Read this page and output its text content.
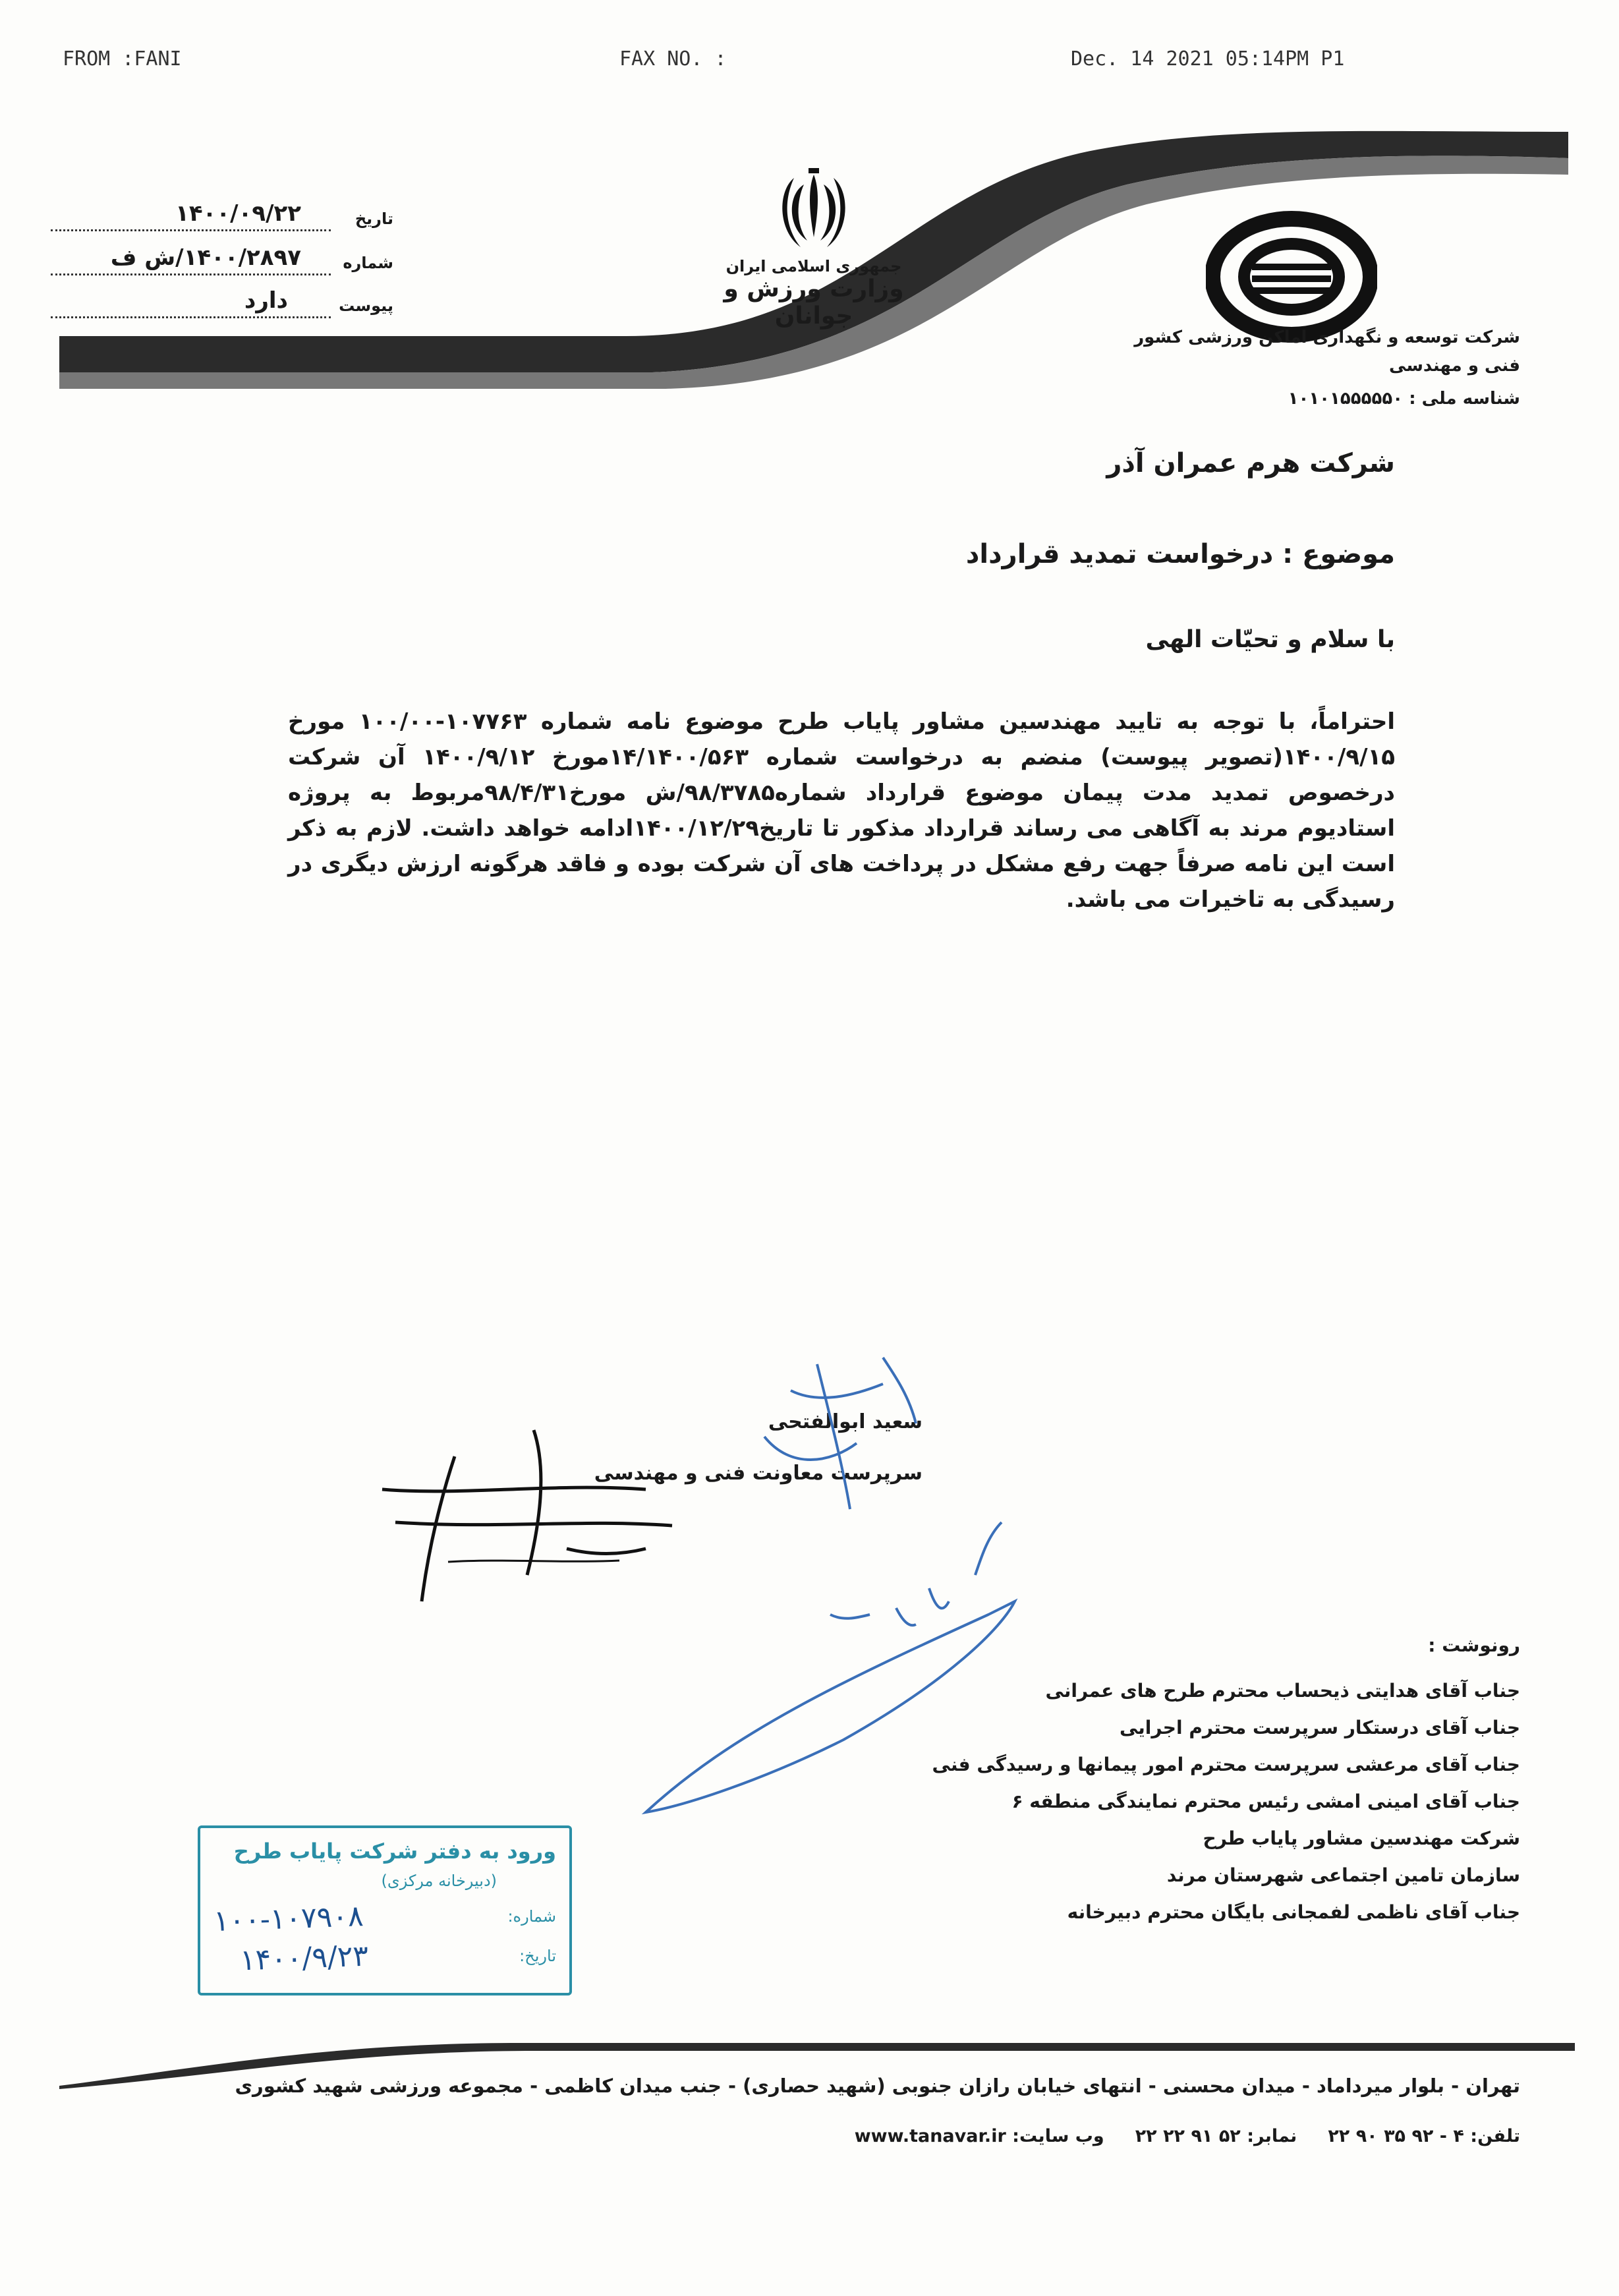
FROM :FANI	FAX NO. :	Dec. 14 2021 05:14PM P1
جمهوری اسلامی ایران
وزارت ورزش و جوانان
شرکت توسعه و نگهداری اماکن ورزشی کشور
فنی و مهندسی
شناسه ملی : ۱۰۱۰۱۵۵۵۵۵۰
تاریخ
۱۴۰۰/۰۹/۲۲
شماره
۱۴۰۰/۲۸۹۷/ش ف
پیوست
دارد
شرکت هرم عمران آذر
موضوع : درخواست تمدید قرارداد
با سلام و تحیّات الهی
احتراماً، با توجه به تایید مهندسین مشاور پایاب طرح موضوع نامه شماره ۱۰۷۷۶۳-۱۰۰/۰۰ مورخ ۱۴۰۰/۹/۱۵(تصویر پیوست) منضم به درخواست شماره ۱۴/۱۴۰۰/۵۶۳مورخ ۱۴۰۰/۹/۱۲ آن شرکت درخصوص تمدید مدت پیمان موضوع قرارداد شماره۹۸/۳۷۸۵/ش مورخ۹۸/۴/۳۱مربوط به پروژه استادیوم مرند به آگاهی می رساند قرارداد مذکور تا تاریخ۱۴۰۰/۱۲/۲۹ادامه خواهد داشت. لازم به ذکر است این نامه صرفاً جهت رفع مشکل در پرداخت های آن شرکت بوده و فاقد هرگونه ارزش دیگری در رسیدگی به تاخیرات می باشد.
سعید ابوالفتحی
سرپرست معاونت فنی و مهندسی
رونوشت :
جناب آقای هدایتی ذیحساب محترم طرح های عمرانی
جناب آقای درستکار سرپرست محترم اجرایی
جناب آقای مرعشی سرپرست محترم امور پیمانها و رسیدگی فنی
جناب آقای امینی امشی رئیس محترم نمایندگی منطقه ۶
شرکت مهندسین مشاور پایاب طرح
سازمان تامین اجتماعی شهرستان مرند
جناب آقای ناظمی لفمجانی بایگان محترم دبیرخانه
ورود به دفتر شرکت پایاب طرح
(دبیرخانه مرکزی)
شماره:
تاریخ:
۱۰۰-۱۰۷۹۰۸
۱۴۰۰/۹/۲۳
تهران - بلوار میرداماد - میدان محسنی - انتهای خیابان رازان جنوبی (شهید حصاری) - جنب میدان کاظمی - مجموعه ورزشی شهید کشوری
تلفن: ۴ - ۹۲ ۳۵ ۹۰ ۲۲     نمابر: ۵۲ ۹۱ ۲۲ ۲۲     وب سایت: www.tanavar.ir
